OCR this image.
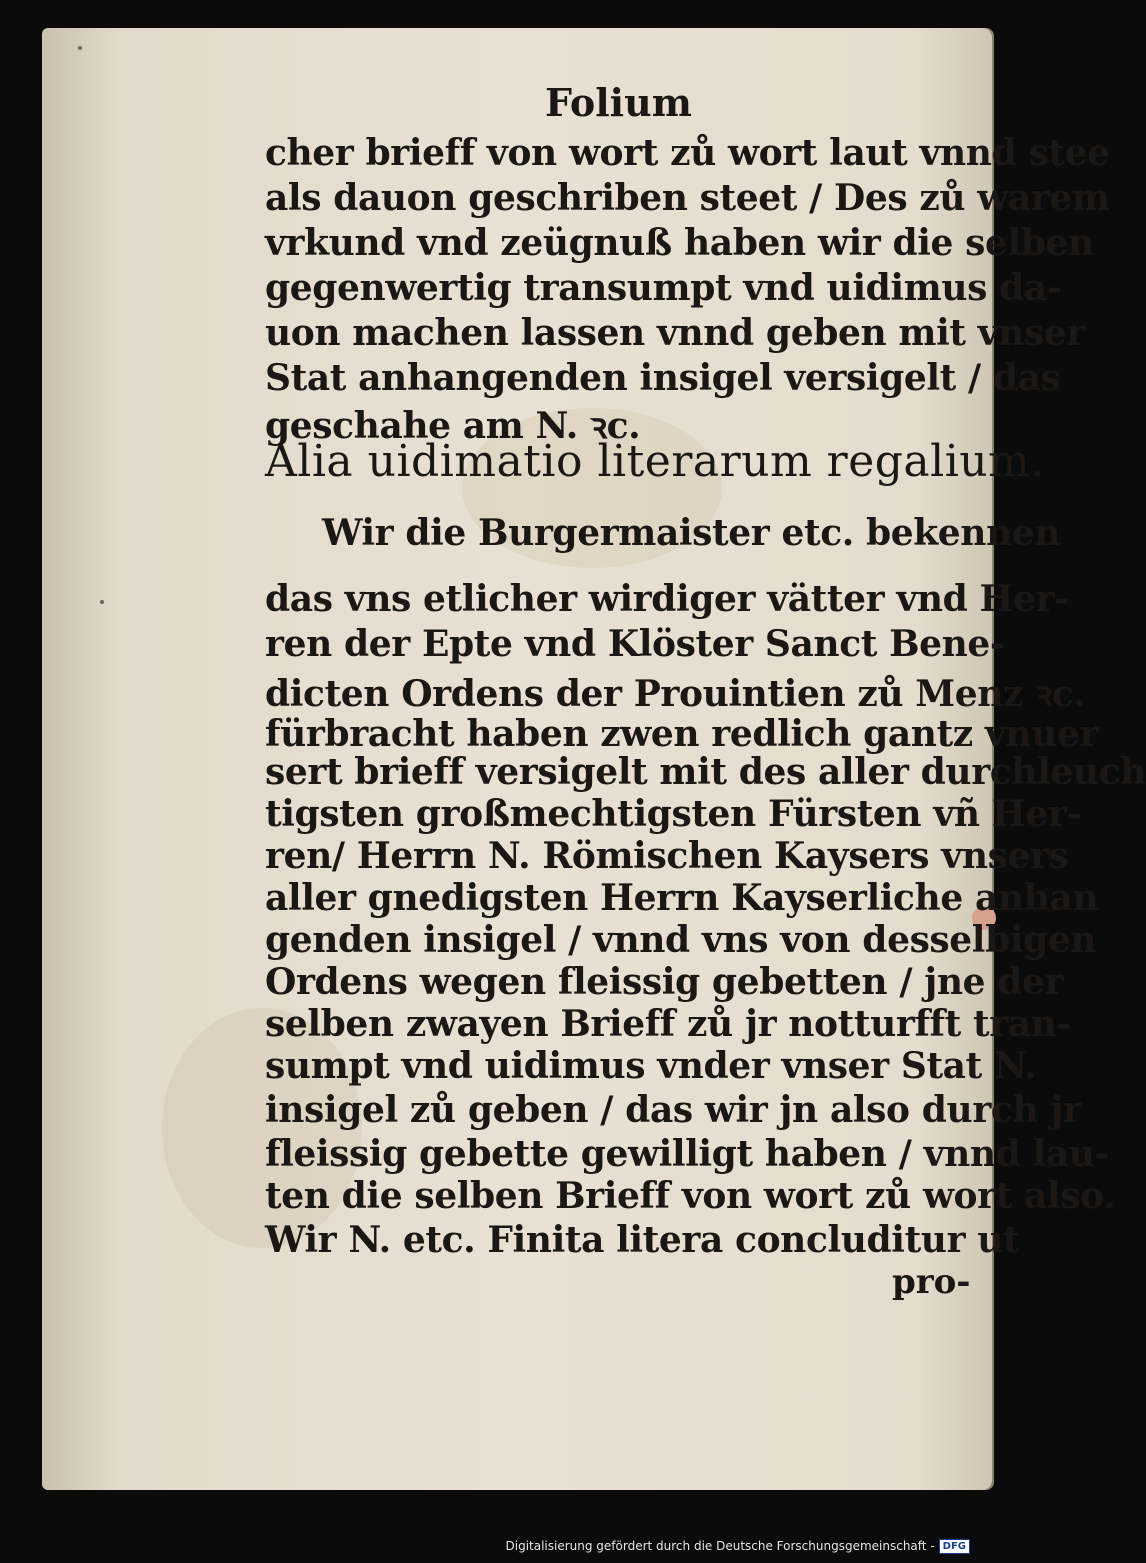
Folium
cher brieff von wort zů wort laut vnnd stee
als dauon geschriben steet / Des zů warem
vrkund vnd zeügnuß haben wir die selben
gegenwertig transumpt vnd uidimus da-
uon machen lassen vnnd geben mit vnser
Stat anhangenden insigel versigelt / das
geschahe am N. ꝛc.
Alia uidimatio literarum regalium.
Wir die Burgermaister etc. bekennen
das vns etlicher wirdiger vätter vnd Her-
ren der Epte vnd Klöster Sanct Bene-
dicten Ordens der Prouintien zů Menz ꝛc.
fürbracht haben zwen redlich gantz vnuer
sert brieff versigelt mit des aller durchleuch
tigsten großmechtigsten Fürsten vñ Her-
ren/ Herrn N. Römischen Kaysers vnsers
aller gnedigsten Herrn Kayserliche anhan
genden insigel / vnnd vns von desselbigen
Ordens wegen fleissig gebetten / jne der
selben zwayen Brieff zů jr notturfft tran-
sumpt vnd uidimus vnder vnser Stat N.
insigel zů geben / das wir jn also durch jr
fleissig gebette gewilligt haben / vnnd lau-
ten die selben Brieff von wort zů wort also.
Wir N. etc. Finita litera concluditur ut
pro-
Digitalisierung gefördert durch die Deutsche Forschungsgemeinschaft - DFG
